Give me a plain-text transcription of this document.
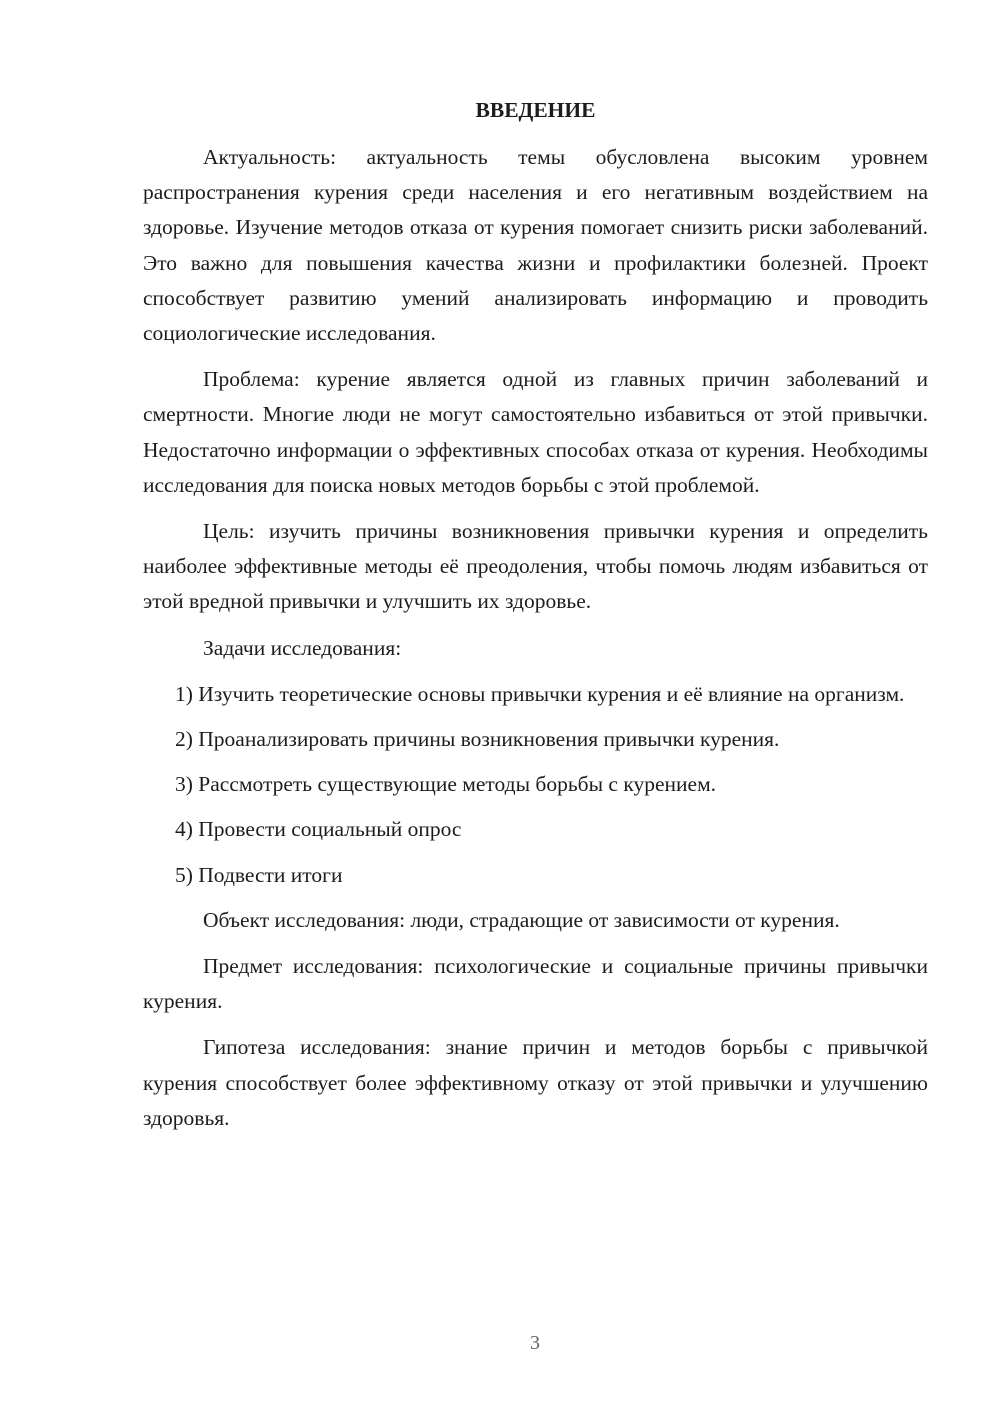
ВВЕДЕНИЕ

Актуальность: актуальность темы обусловлена высоким уровнем распространения курения среди населения и его негативным воздействием на здоровье. Изучение методов отказа от курения помогает снизить риски заболеваний. Это важно для повышения качества жизни и профилактики болезней. Проект способствует развитию умений анализировать информацию и проводить социологические исследования.

Проблема: курение является одной из главных причин заболеваний и смертности. Многие люди не могут самостоятельно избавиться от этой привычки. Недостаточно информации о эффективных способах отказа от курения. Необходимы исследования для поиска новых методов борьбы с этой проблемой.

Цель: изучить причины возникновения привычки курения и определить наиболее эффективные методы её преодоления, чтобы помочь людям избавиться от этой вредной привычки и улучшить их здоровье.

Задачи исследования:

1) Изучить теоретические основы привычки курения и её влияние на организм.

2) Проанализировать причины возникновения привычки курения.

3) Рассмотреть существующие методы борьбы с курением.

4) Провести социальный опрос

5) Подвести итоги

Объект исследования: люди, страдающие от зависимости от курения.

Предмет исследования: психологические и социальные причины привычки курения.

Гипотеза исследования: знание причин и методов борьбы с привычкой курения способствует более эффективному отказу от этой привычки и улучшению здоровья.

3
